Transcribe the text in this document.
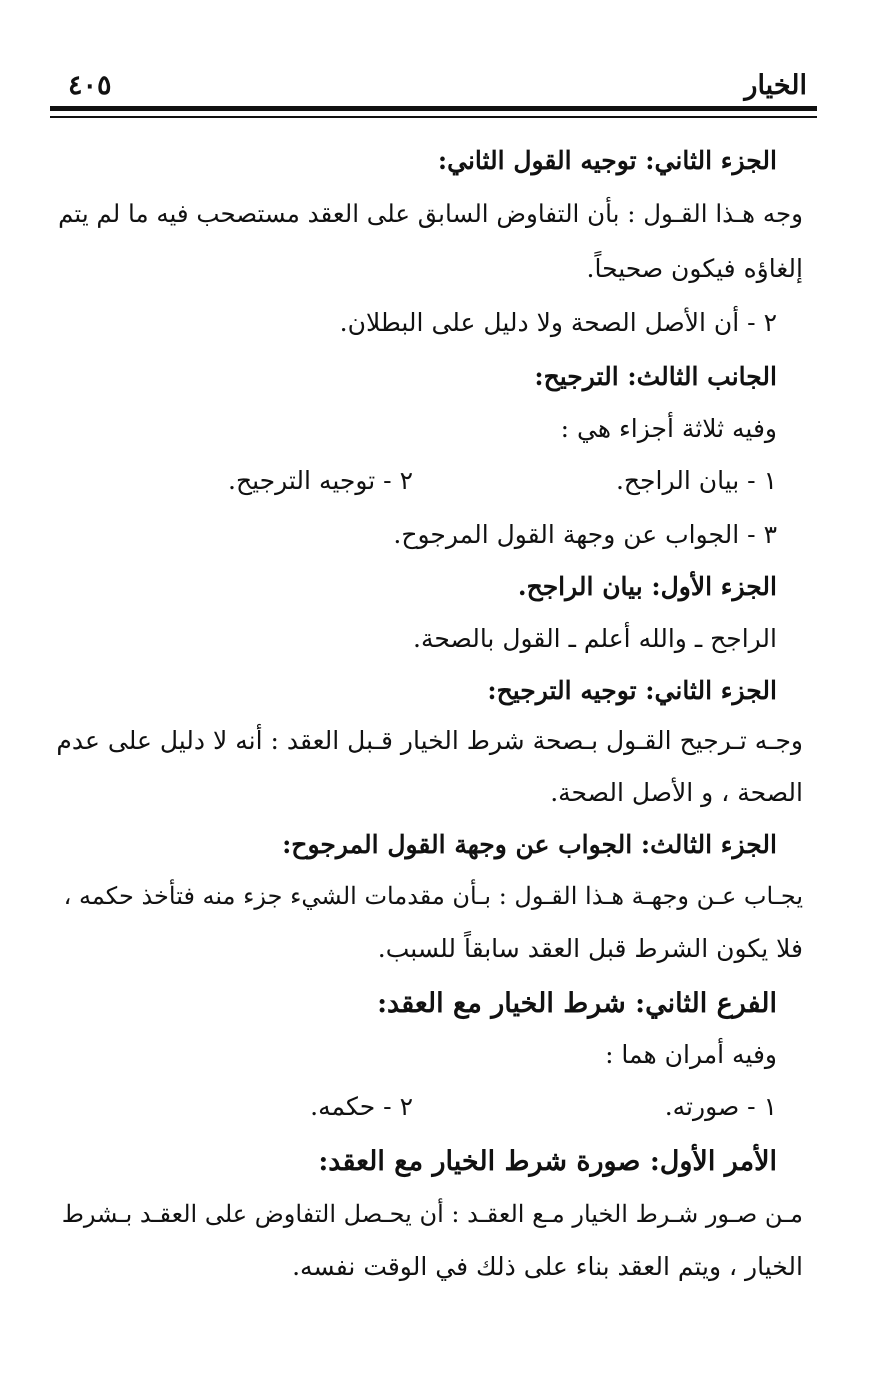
الخيار
٤٠٥
الجزء الثاني: توجيه القول الثاني:
وجه هـذا القـول : بأن التفاوض السابق على العقد مستصحب فيه ما لم يتم
إلغاؤه فيكون صحيحاً.
٢ - أن الأصل الصحة ولا دليل على البطلان.
الجانب الثالث: الترجيح:
وفيه ثلاثة أجزاء هي :
١ - بيان الراجح.
٢ - توجيه الترجيح.
٣ - الجواب عن وجهة القول المرجوح.
الجزء الأول: بيان الراجح.
الراجح ـ والله أعلم ـ القول بالصحة.
الجزء الثاني: توجيه الترجيح:
وجـه تـرجيح القـول بـصحة شرط الخيار قـبل العقد : أنه لا دليل على عدم
الصحة ، و الأصل الصحة.
الجزء الثالث: الجواب عن وجهة القول المرجوح:
يجـاب عـن وجهـة هـذا القـول : بـأن مقدمات الشيء جزء منه فتأخذ حكمه ،
فلا يكون الشرط قبل العقد سابقاً للسبب.
الفرع الثاني: شرط الخيار مع العقد:
وفيه أمران هما :
١ - صورته.
٢ - حكمه.
الأمر الأول: صورة شرط الخيار مع العقد:
مـن صـور شـرط الخيار مـع العقـد : أن يحـصل التفاوض على العقـد بـشرط
الخيار ، ويتم العقد بناء على ذلك في الوقت نفسه.
